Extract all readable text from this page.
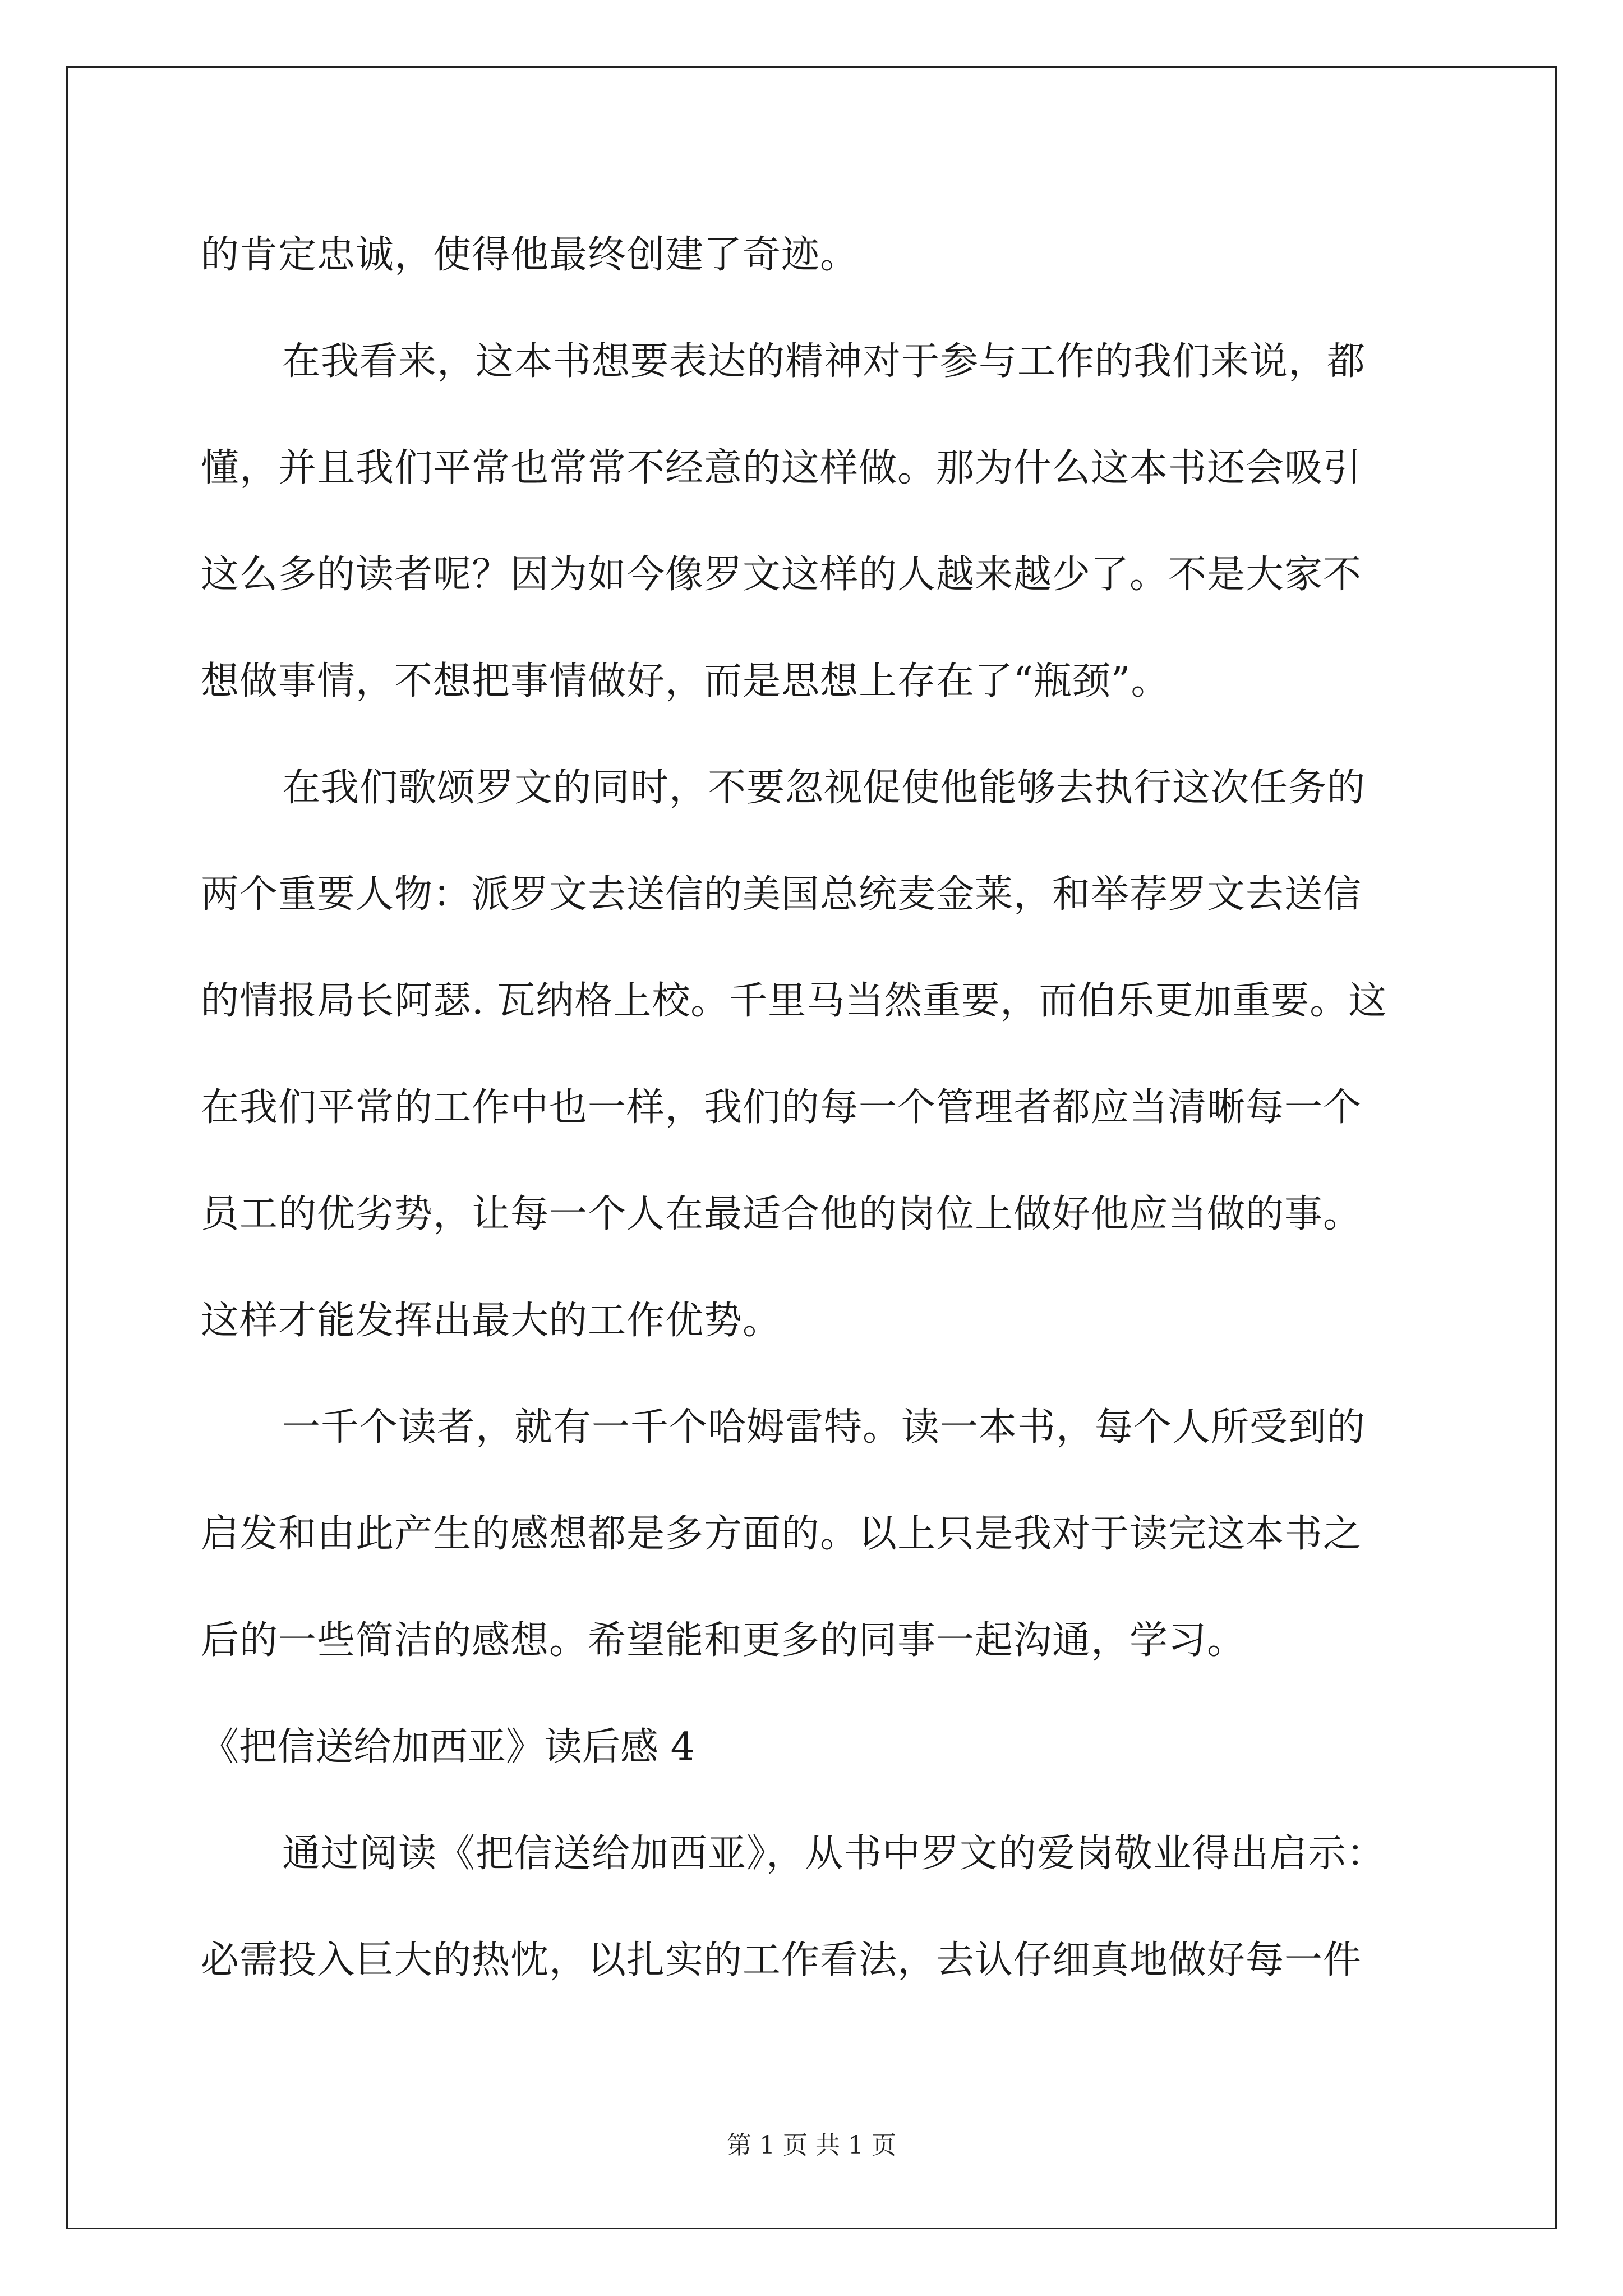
的肯定忠诚，使得他最终创建了奇迹。
在我看来，这本书想要表达的精神对于参与工作的我们来说，都
懂，并且我们平常也常常不经意的这样做。那为什么这本书还会吸引
这么多的读者呢？因为如今像罗文这样的人越来越少了。不是大家不
想做事情，不想把事情做好，而是思想上存在了“瓶颈”。
在我们歌颂罗文的同时，不要忽视促使他能够去执行这次任务的
两个重要人物：派罗文去送信的美国总统麦金莱，和举荐罗文去送信
的情报局长阿瑟. 瓦纳格上校。千里马当然重要，而伯乐更加重要。这
在我们平常的工作中也一样，我们的每一个管理者都应当清晰每一个
员工的优劣势，让每一个人在最适合他的岗位上做好他应当做的事。
这样才能发挥出最大的工作优势。
一千个读者，就有一千个哈姆雷特。读一本书，每个人所受到的
启发和由此产生的感想都是多方面的。以上只是我对于读完这本书之
后的一些简洁的感想。希望能和更多的同事一起沟通，学习。
《把信送给加西亚》读后感 4
通过阅读《把信送给加西亚》，从书中罗文的爱岗敬业得出启示：
必需投入巨大的热忱，以扎实的工作看法，去认仔细真地做好每一件
第 1 页 共 1 页
